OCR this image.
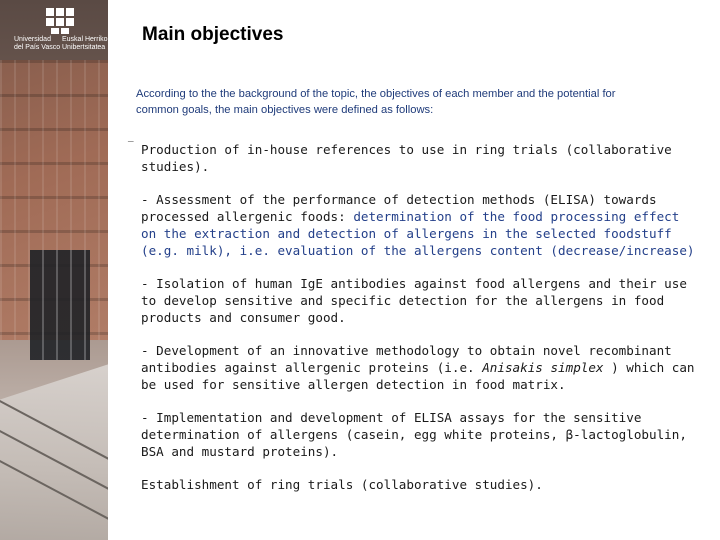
Universidad
del País Vasco
Euskal Herriko
Unibertsitatea
Main objectives
According to the the background of the topic, the objectives of each member and the potential for common goals, the main objectives were defined as follows:
¯ Production of in-house references to use in ring trials (collaborative studies).

- Assessment of the performance of detection methods (ELISA) towards processed allergenic foods: determination of the food processing effect on the extraction and detection of allergens in the selected foodstuff (e.g. milk), i.e. evaluation of the allergens content (decrease/increase)

- Isolation of human IgE antibodies against food allergens and their use to develop sensitive and specific detection for the allergens in food products and consumer good.

- Development of an innovative methodology to obtain novel recombinant antibodies against allergenic proteins (i.e. Anisakis simplex ) which can be used for sensitive allergen detection in food matrix.

- Implementation and development of ELISA assays for the sensitive determination of allergens (casein, egg white proteins, β-lactoglobulin, BSA and mustard proteins).

Establishment of ring trials (collaborative studies).
